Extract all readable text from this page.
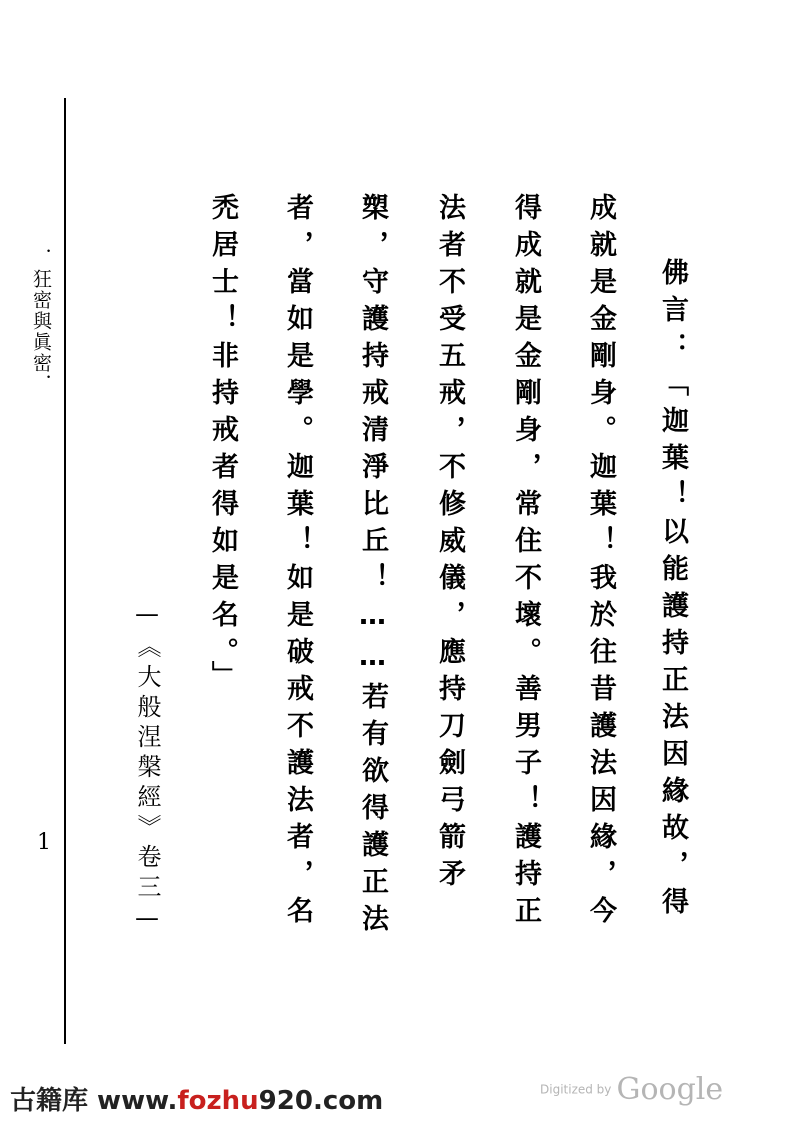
．狂密與眞密．
1	佛言：「迦葉！以能護持正法因緣故，得
成就是金剛身。迦葉！我於往昔護法因緣，今
得成就是金剛身，常住不壞。善男子！護持正
法者不受五戒，不修威儀，應持刀劍弓箭矛
槊，守護持戒清淨比丘！……若有欲得護正法
者，當如是學。迦葉！如是破戒不護法者，名
禿居士！非持戒者得如是名。」
—《大般涅槃經》卷三—
古籍库 www.fozhu920.com	Digitized by Google
